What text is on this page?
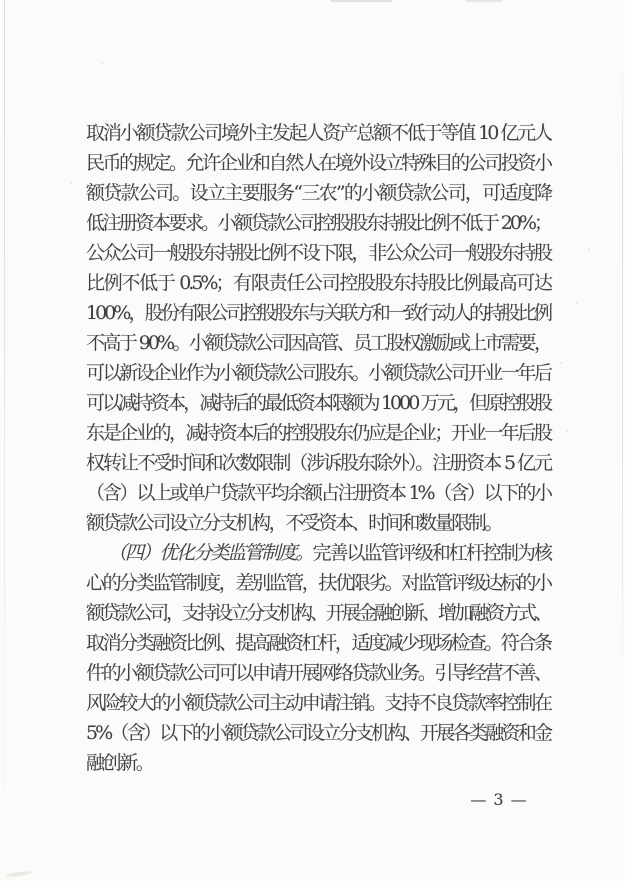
取消小额贷款公司境外主发起人资产总额不低于等值 10 亿元人
民币的规定。允许企业和自然人在境外设立特殊目的公司投资小
额贷款公司。设立主要服务“三农”的小额贷款公司，可适度降
低注册资本要求。小额贷款公司控股股东持股比例不低于 20%；
公众公司一般股东持股比例不设下限，非公众公司一般股东持股
比例不低于 0.5%；有限责任公司控股股东持股比例最高可达
100%，股份有限公司控股股东与关联方和一致行动人的持股比例
不高于 90%。小额贷款公司因高管、员工股权激励或上市需要，
可以新设企业作为小额贷款公司股东。小额贷款公司开业一年后
可以减持资本，减持后的最低资本限额为 1000 万元，但原控股股
东是企业的，减持资本后的控股股东仍应是企业；开业一年后股
权转让不受时间和次数限制（涉诉股东除外）。注册资本 5 亿元
（含）以上或单户贷款平均余额占注册资本 1%（含）以下的小
额贷款公司设立分支机构，不受资本、时间和数量限制。
（四）优化分类监管制度。完善以监管评级和杠杆控制为核
心的分类监管制度，差别监管，扶优限劣。对监管评级达标的小
额贷款公司，支持设立分支机构、开展金融创新、增加融资方式、
取消分类融资比例、提高融资杠杆，适度减少现场检查。符合条
件的小额贷款公司可以申请开展网络贷款业务。引导经营不善、
风险较大的小额贷款公司主动申请注销。支持不良贷款率控制在
5%（含）以下的小额贷款公司设立分支机构、开展各类融资和金
融创新。
— 3 —
